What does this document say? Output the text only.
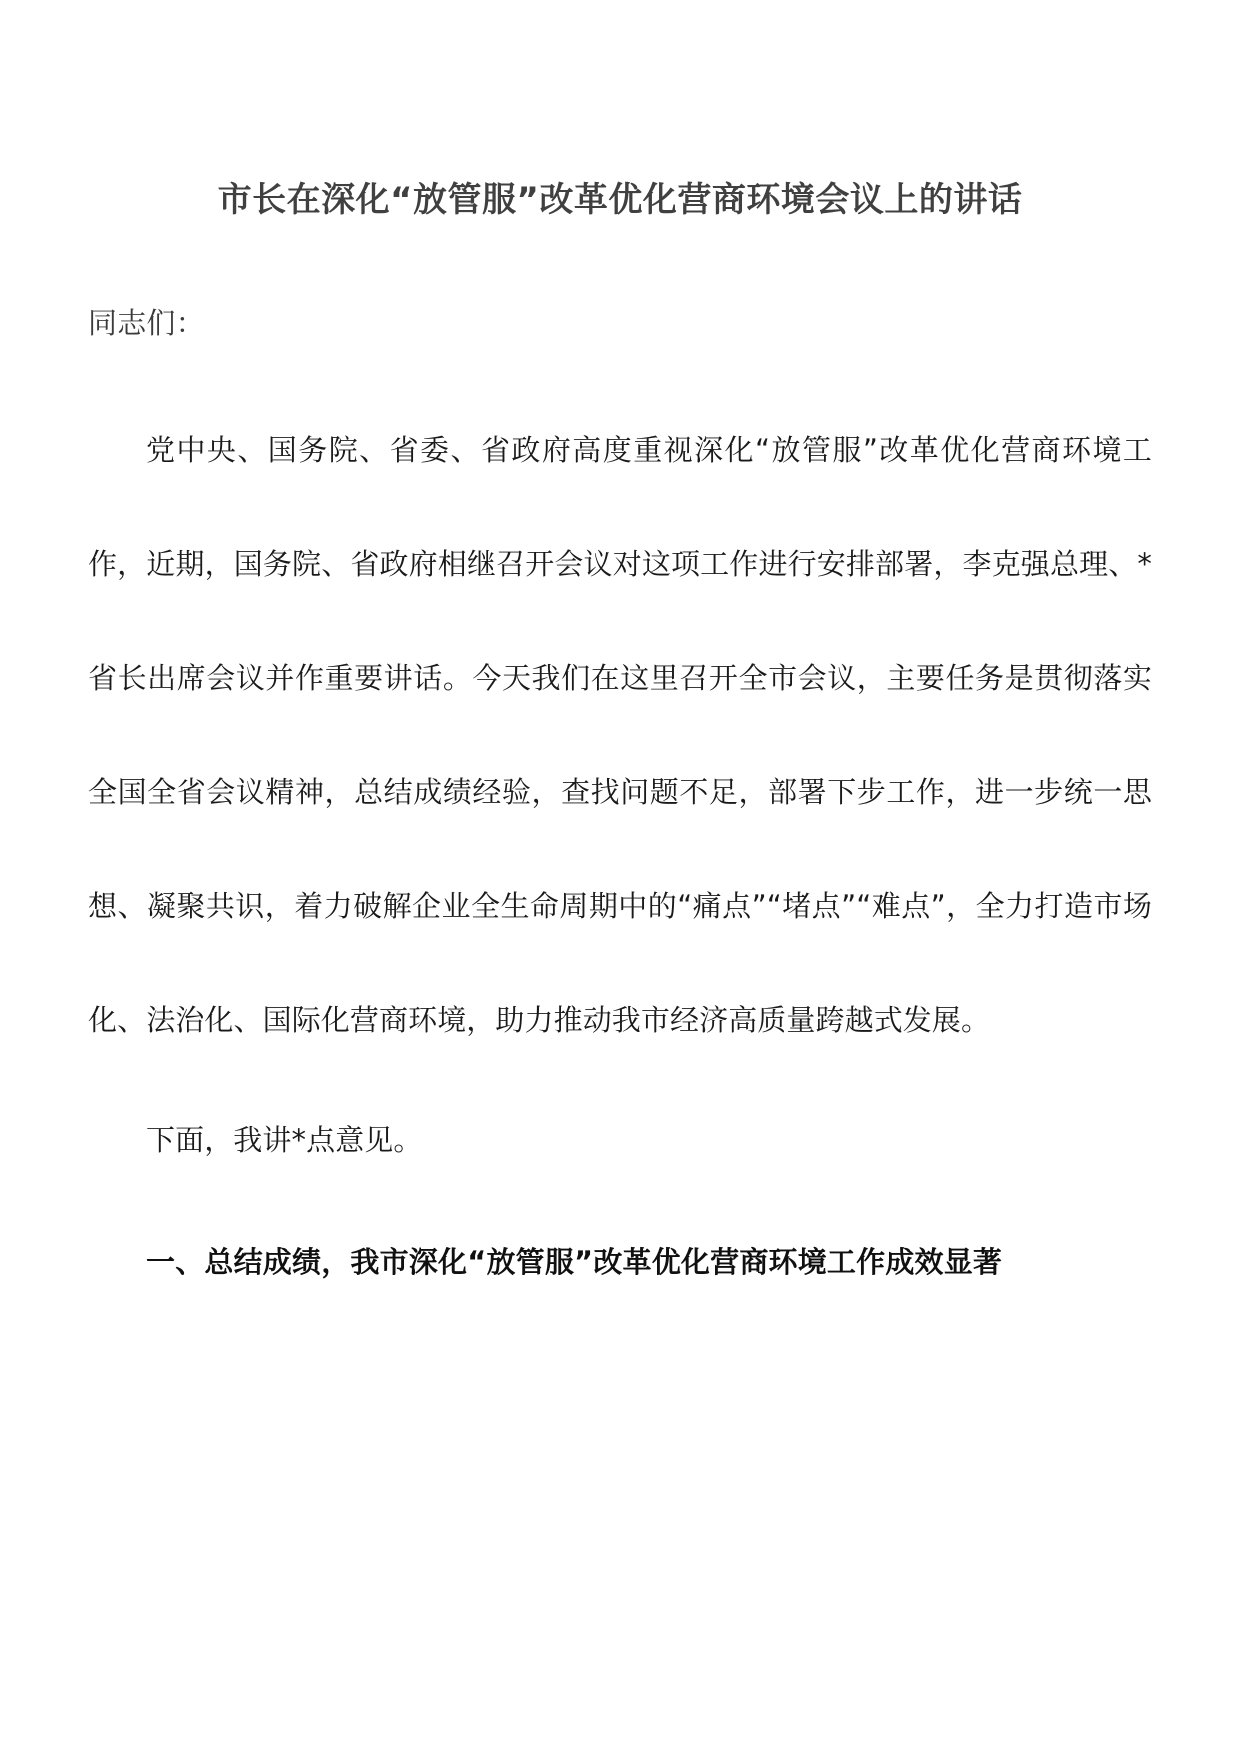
市长在深化“放管服”改革优化营商环境会议上的讲话

同志们：

党中央、国务院、省委、省政府高度重视深化“放管服”改革优化营商环境工作，近期，国务院、省政府相继召开会议对这项工作进行安排部署，李克强总理、*省长出席会议并作重要讲话。今天我们在这里召开全市会议，主要任务是贯彻落实全国全省会议精神，总结成绩经验，查找问题不足，部署下步工作，进一步统一思想、凝聚共识，着力破解企业全生命周期中的“痛点”“堵点”“难点”，全力打造市场化、法治化、国际化营商环境，助力推动我市经济高质量跨越式发展。

下面，我讲*点意见。

一、总结成绩，我市深化“放管服”改革优化营商环境工作成效显著
